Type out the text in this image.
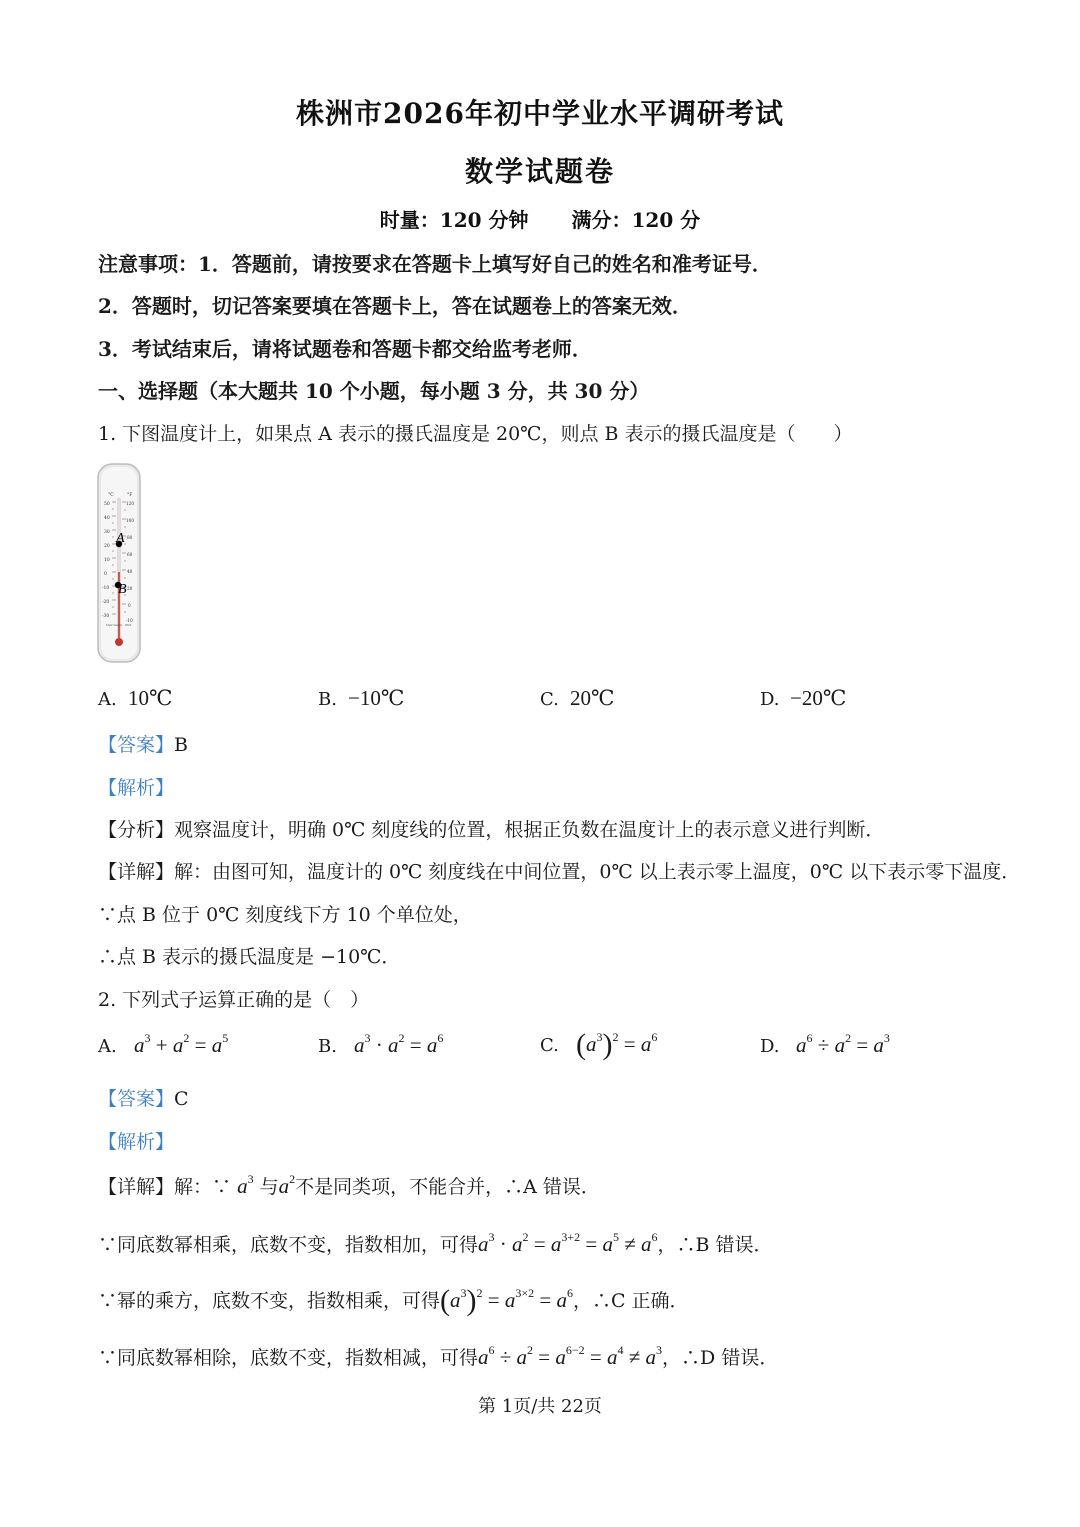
株洲市2026年初中学业水平调研考试
数学试题卷
时量：120 分钟 满分：120 分
注意事项：1．答题前，请按要求在答题卡上填写好自己的姓名和准考证号．
2．答题时，切记答案要填在答题卡上，答在试题卷上的答案无效．
3．考试结束后，请将试题卷和答题卡都交给监考老师．
一、选择题（本大题共 10 个小题，每小题 3 分，共 30 分）
1. 下图温度计上，如果点 A 表示的摄氏温度是 20℃，则点 B 表示的摄氏温度是（　　）
°C	°F
50
40
30
20
10
0
-10
-20
-30
120
100
80
60
40
20
0
-10
Nstrument PDX
A
B
A. 10℃	B. −10℃	C. 20℃	D. −20℃
【答案】B
【解析】
【分析】观察温度计，明确 0℃ 刻度线的位置，根据正负数在温度计上的表示意义进行判断．
【详解】解：由图可知，温度计的 0℃ 刻度线在中间位置，0℃ 以上表示零上温度，0℃ 以下表示零下温度．
∵点 B 位于 0℃ 刻度线下方 10 个单位处，
∴点 B 表示的摄氏温度是 −10℃．
2. 下列式子运算正确的是（　）
A. $a^3 + a^2 = a^5$	B. $a^3 \cdot a^2 = a^6$	C. $(a^3)^2 = a^6$	D. $a^6 \div a^2 = a^3$
【答案】C
【解析】
【详解】解：∵ $a^3$ 与$a^2$不是同类项，不能合并，∴A 错误．
∵同底数幂相乘，底数不变，指数相加，可得$a^3 \cdot a^2 = a^{3+2} = a^5 \ne a^6$，∴B 错误．
∵幂的乘方，底数不变，指数相乘，可得$(a^3)^2 = a^{3\times 2} = a^6$，∴C 正确．
∵同底数幂相除，底数不变，指数相减，可得$a^6 \div a^2 = a^{6-2} = a^4 \ne a^3$，∴D 错误．
第 1页/共 22页
